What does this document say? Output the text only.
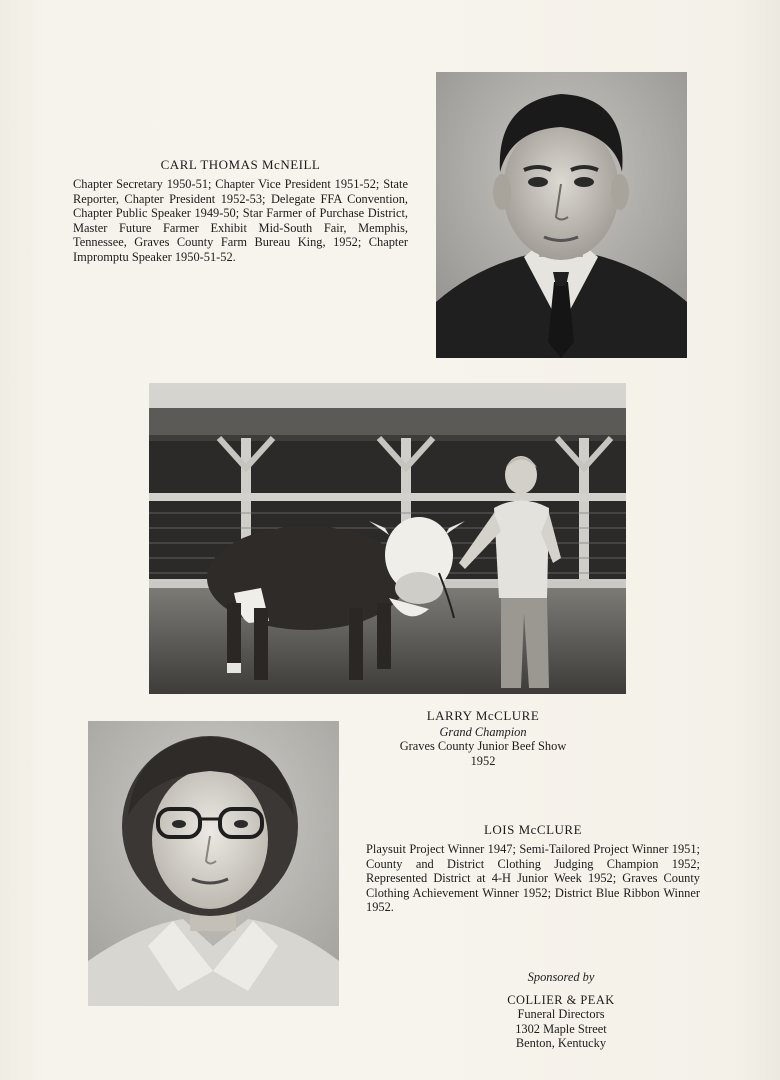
CARL THOMAS McNEILL
Chapter Secretary 1950-51; Chapter Vice President 1951-52; State Reporter, Chapter President 1952-53; Delegate FFA Convention, Chapter Public Speaker 1949-50; Star Farmer of Purchase District, Master Future Farmer Exhibit Mid-South Fair, Memphis, Tennessee, Graves County Farm Bureau King, 1952; Chapter Impromptu Speaker 1950-51-52.
LARRY McCLURE
Grand Champion
Graves County Junior Beef Show
1952
LOIS McCLURE
Playsuit Project Winner 1947; Semi-Tailored Project Winner 1951; County and District Clothing Judging Champion 1952; Represented District at 4-H Junior Week 1952; Graves County Clothing Achievement Winner 1952; District Blue Ribbon Winner 1952.
Sponsored by
COLLIER & PEAK
Funeral Directors
1302 Maple Street
Benton, Kentucky
